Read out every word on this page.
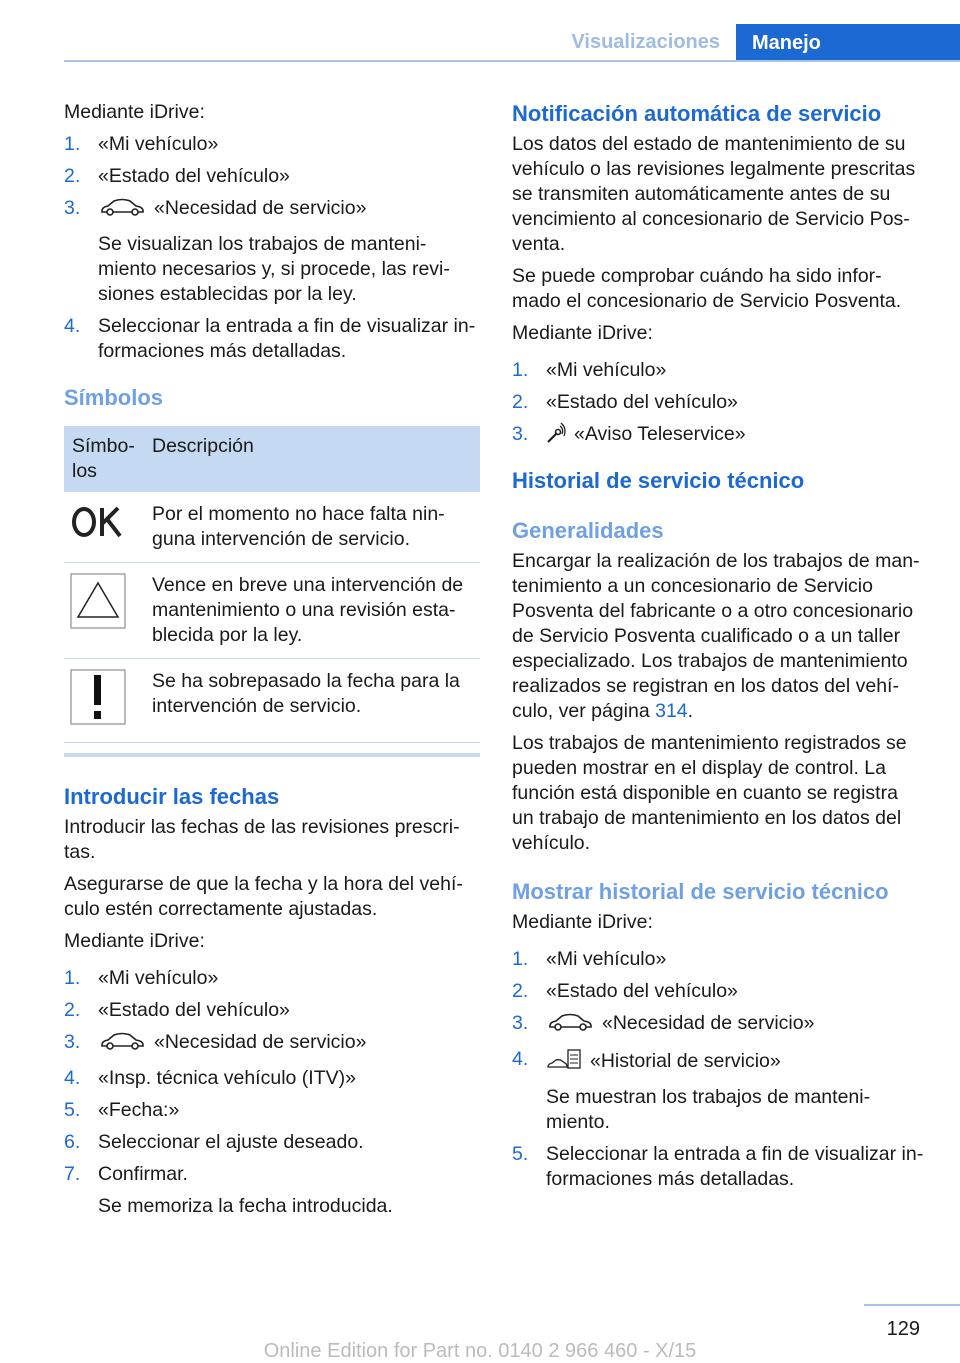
Visualizaciones	Manejo

Mediante iDrive:

1. «Mi vehículo»
2. «Estado del vehículo»
3.	«Necesidad de servicio»
Se visualizan los trabajos de manteni‐miento necesarios y, si procede, las revi‐siones establecidas por la ley.
4. Seleccionar la entrada a fin de visualizar in‐formaciones más detalladas.
Símbolos
Símbo‐los	Descripción
	Por el momento no hace falta nin‐guna intervención de servicio.
	Vence en breve una intervención de mantenimiento o una revisión esta‐blecida por la ley.
	Se ha sobrepasado la fecha para la intervención de servicio.
Introducir las fechas

Introducir las fechas de las revisiones prescri‐tas.

Asegurarse de que la fecha y la hora del vehí‐culo estén correctamente ajustadas.

Mediante iDrive:

1. «Mi vehículo»
2. «Estado del vehículo»
3.	«Necesidad de servicio»
4. «Insp. técnica vehículo (ITV)»
5. «Fecha:»
6. Seleccionar el ajuste deseado.
7. Confirmar.
Se memoriza la fecha introducida.
Notificación automática de servicio

Los datos del estado de mantenimiento de su vehículo o las revisiones legalmente prescritas se transmiten automáticamente antes de su vencimiento al concesionario de Servicio Pos‐venta.

Se puede comprobar cuándo ha sido infor‐mado el concesionario de Servicio Posventa.

Mediante iDrive:

1. «Mi vehículo»
2. «Estado del vehículo»
3. «Aviso Teleservice»
Historial de servicio técnico
Generalidades

Encargar la realización de los trabajos de man‐tenimiento a un concesionario de Servicio Posventa del fabricante o a otro concesionario de Servicio Posventa cualificado o a un taller especializado. Los trabajos de mantenimiento realizados se registran en los datos del vehí‐culo, ver página 314.

Los trabajos de mantenimiento registrados se pueden mostrar en el display de control. La función está disponible en cuanto se registra un trabajo de mantenimiento en los datos del vehículo.

Mostrar historial de servicio técnico

Mediante iDrive:

1. «Mi vehículo»
2. «Estado del vehículo»
3.	«Necesidad de servicio»
4.	«Historial de servicio»
Se muestran los trabajos de manteni‐miento.
5. Seleccionar la entrada a fin de visualizar in‐formaciones más detalladas.
129
Online Edition for Part no. 0140 2 966 460 - X/15
